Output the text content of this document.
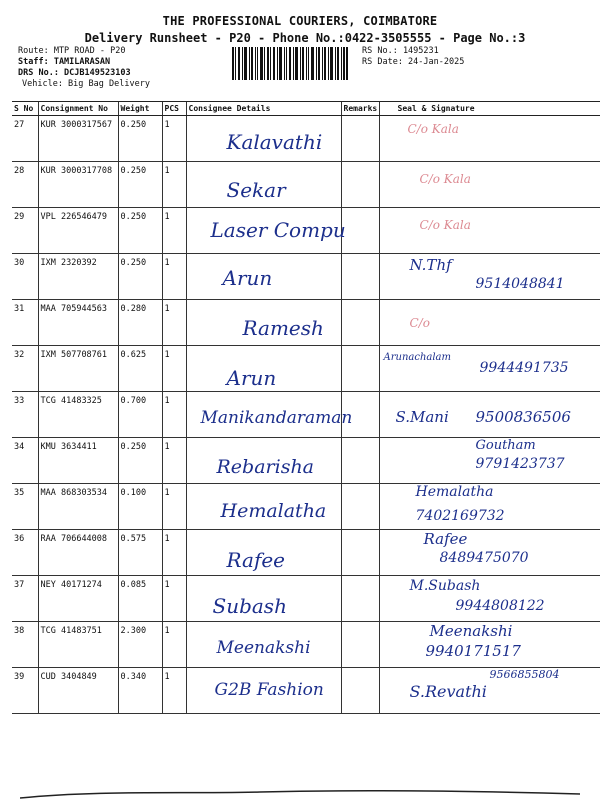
THE PROFESSIONAL COURIERS, COIMBATORE
Delivery Runsheet - P20 - Phone No.:0422-3505555 - Page No.:3
Route: MTP ROAD - P20
Staff: TAMILARASAN
DRS No.: DCJB149523103
Vehicle: Big Bag Delivery
RS No.: 1495231
RS Date: 24-Jan-2025
S No	Consignment No	Weight	PCS	Consignee Details	Remarks	Seal & Signature
27	KUR 3000317567	0.250	1	Kalavathi		C/o Kala

28	KUR 3000317708	0.250	1	Sekar		C/o Kala

29	VPL 226546479	0.250	1	Laser Compu		C/o Kala

30	IXM 2320392	0.250	1	Arun		N.Thf
9514048841

31	MAA 705944563	0.280	1	Ramesh		C/o

32	IXM 507708761	0.625	1	Arun		Arunachalam
9944491735

33	TCG 41483325	0.700	1	Manikandaraman		S.Mani 9500836506

34	KMU 3634411	0.250	1	Rebarisha		Goutham
9791423737

35	MAA 868303534	0.100	1	Hemalatha		Hemalatha
7402169732

36	RAA 706644008	0.575	1	Rafee		Rafee
8489475070

37	NEY 40171274	0.085	1	Subash		M.Subash
9944808122

38	TCG 41483751	2.300	1	Meenakshi		Meenakshi
9940171517

39	CUD 3404849	0.340	1	G2B Fashion		S.Revathi
9566855804
